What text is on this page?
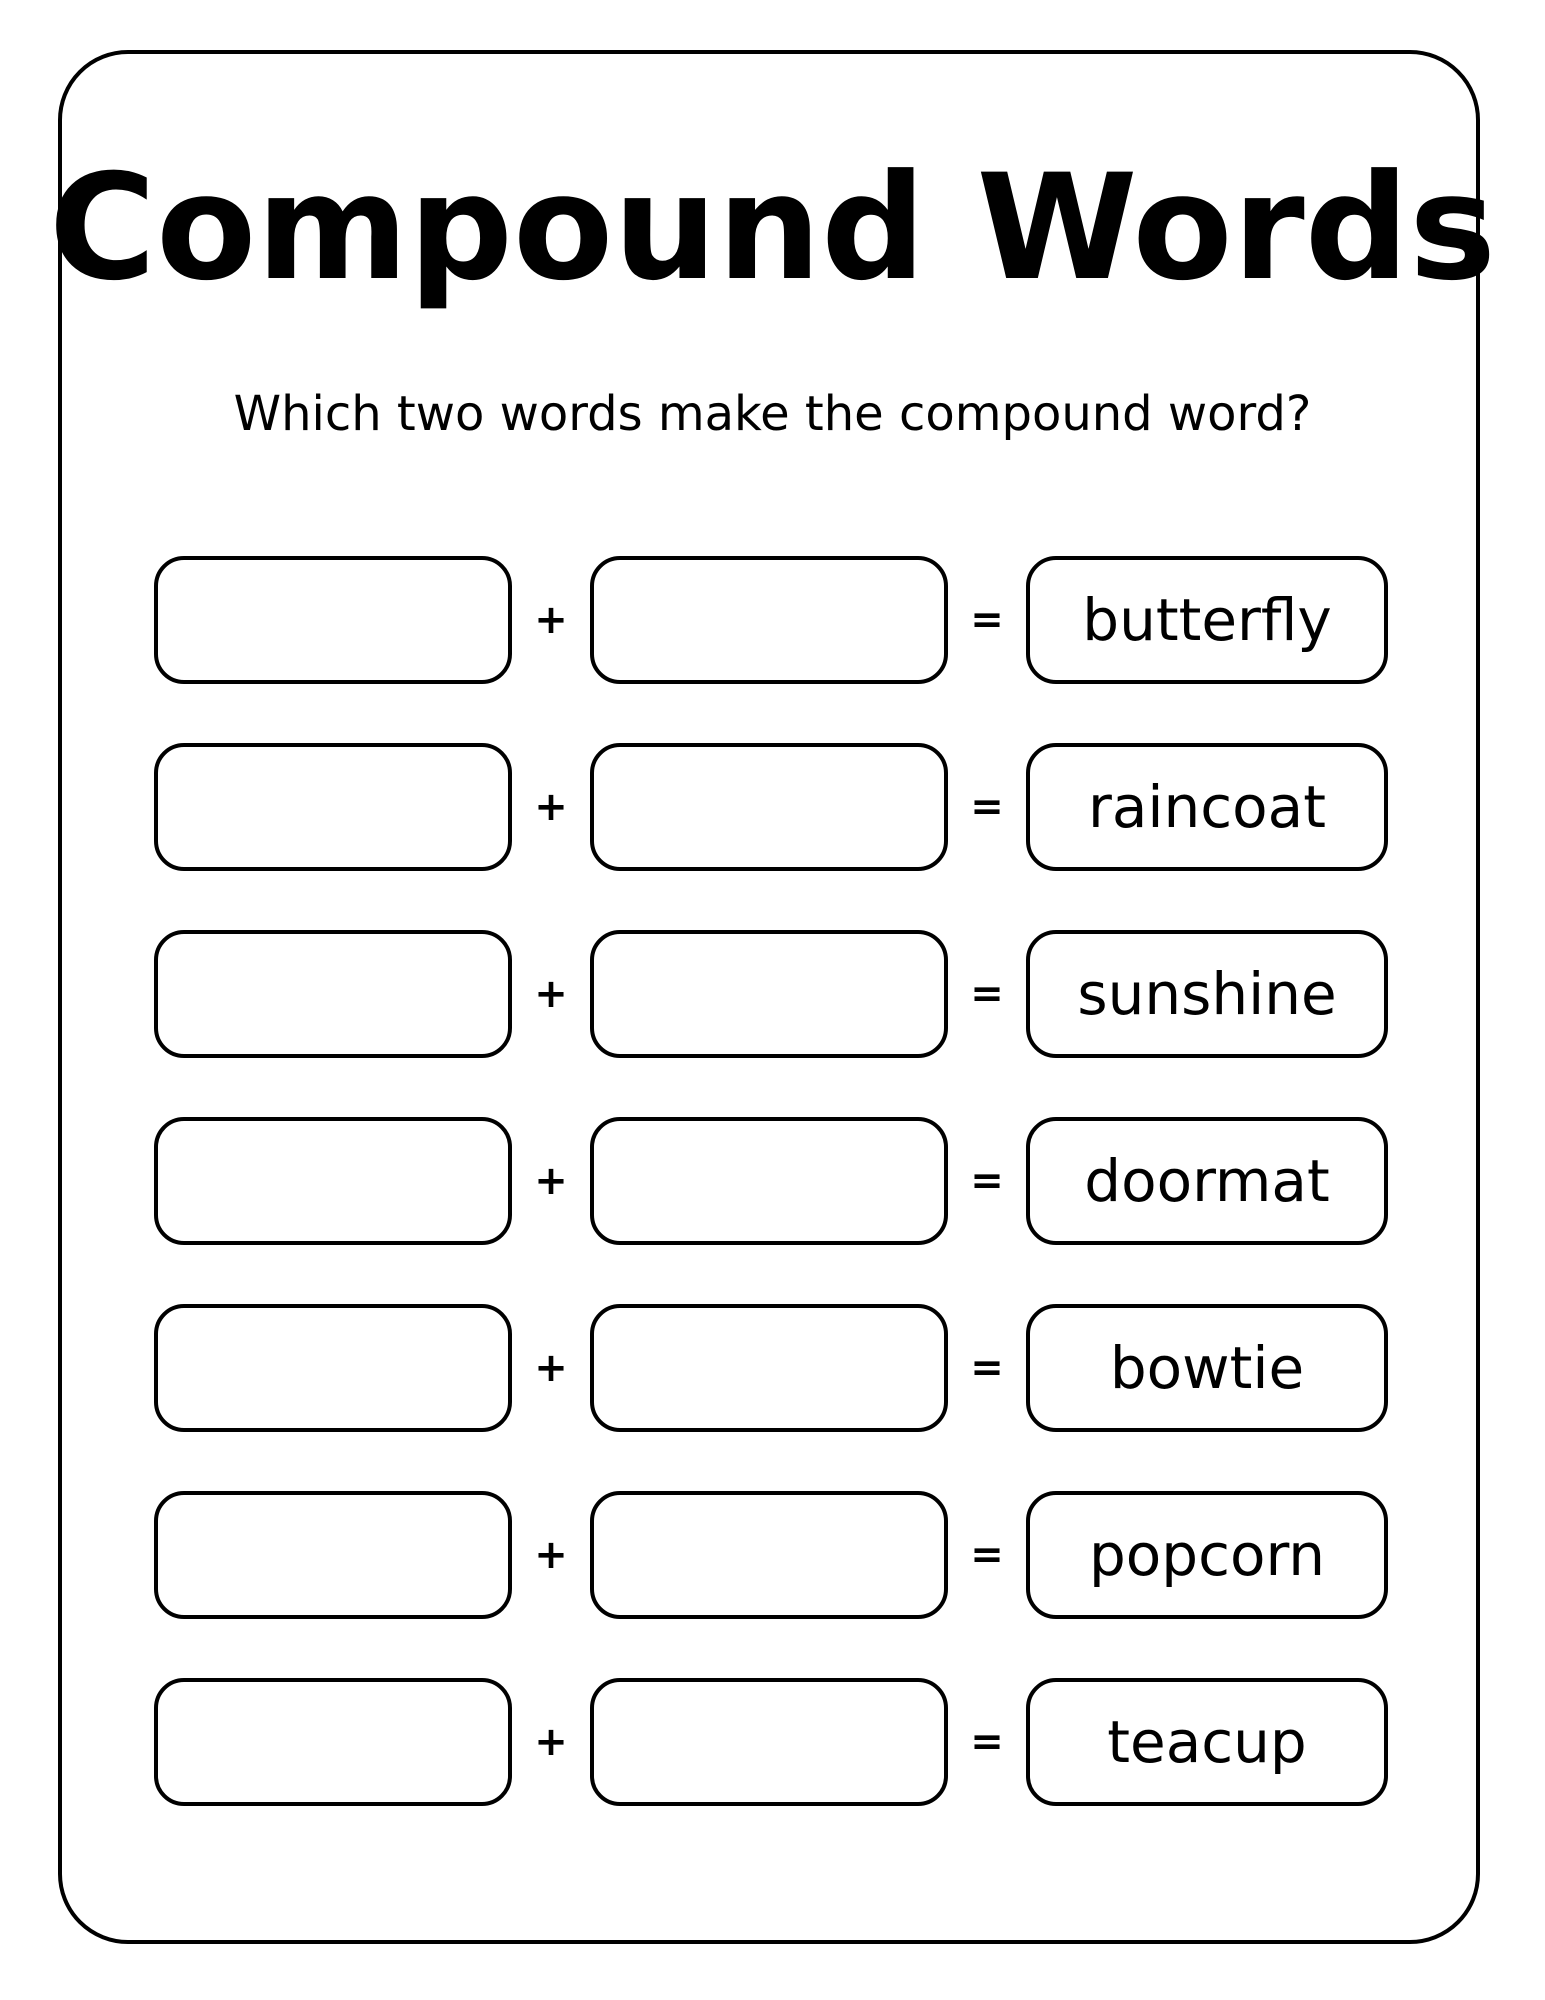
Compound Words

Which two words make the compound word?

+	=	butterfly
+	=	raincoat
+	=	sunshine
+	=	doormat
+	=	bowtie
+	=	popcorn
+	=	teacup
